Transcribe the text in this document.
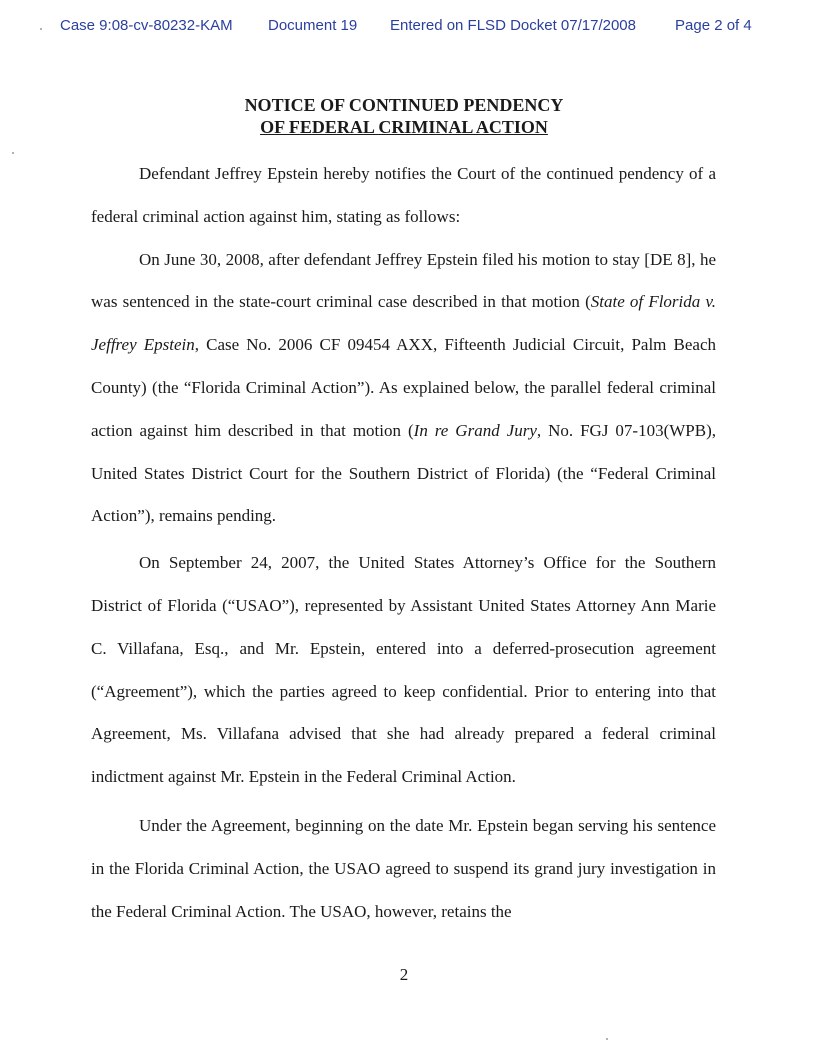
Case 9:08-cv-80232-KAM Document 19 Entered on FLSD Docket 07/17/2008	Page 2 of 4
NOTICE OF CONTINUED PENDENCY
OF FEDERAL CRIMINAL ACTION

Defendant Jeffrey Epstein hereby notifies the Court of the continued pendency of a federal criminal action against him, stating as follows:

On June 30, 2008, after defendant Jeffrey Epstein filed his motion to stay [DE 8], he was sentenced in the state-court criminal case described in that motion (State of Florida v. Jeffrey Epstein, Case No. 2006 CF 09454 AXX, Fifteenth Judicial Circuit, Palm Beach County) (the “Florida Criminal Action”). As explained below, the parallel federal criminal action against him described in that motion (In re Grand Jury, No. FGJ 07-103(WPB), United States District Court for the Southern District of Florida) (the “Federal Criminal Action”), remains pending.

On September 24, 2007, the United States Attorney’s Office for the Southern District of Florida (“USAO”), represented by Assistant United States Attorney Ann Marie C. Villafana, Esq., and Mr. Epstein, entered into a deferred-prosecution agreement (“Agreement”), which the parties agreed to keep confidential. Prior to entering into that Agreement, Ms. Villafana advised that she had already prepared a federal criminal indictment against Mr. Epstein in the Federal Criminal Action.

Under the Agreement, beginning on the date Mr. Epstein began serving his sentence in the Florida Criminal Action, the USAO agreed to suspend its grand jury investigation in the Federal Criminal Action. The USAO, however, retains the

2
